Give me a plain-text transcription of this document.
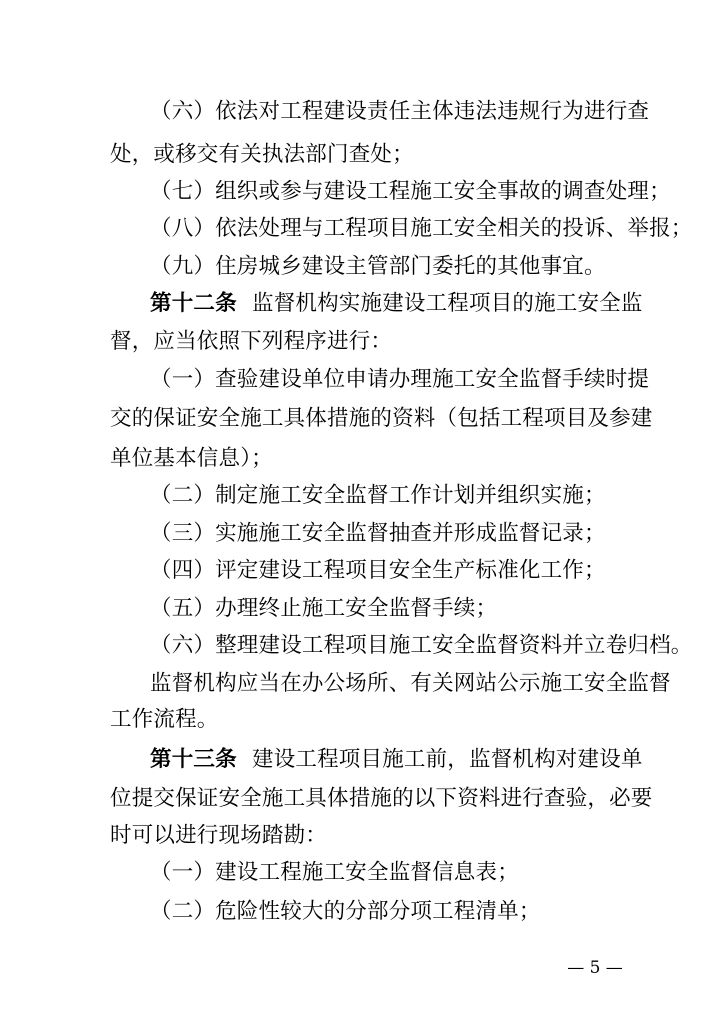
（六）依法对工程建设责任主体违法违规行为进行查
处，或移交有关执法部门查处；
（七）组织或参与建设工程施工安全事故的调查处理；
（八）依法处理与工程项目施工安全相关的投诉、举报；
（九）住房城乡建设主管部门委托的其他事宜。
第十二条 监督机构实施建设工程项目的施工安全监
督，应当依照下列程序进行：
（一）查验建设单位申请办理施工安全监督手续时提
交的保证安全施工具体措施的资料（包括工程项目及参建
单位基本信息）；
（二）制定施工安全监督工作计划并组织实施；
（三）实施施工安全监督抽查并形成监督记录；
（四）评定建设工程项目安全生产标准化工作；
（五）办理终止施工安全监督手续；
（六）整理建设工程项目施工安全监督资料并立卷归档。
监督机构应当在办公场所、有关网站公示施工安全监督
工作流程。
第十三条 建设工程项目施工前，监督机构对建设单
位提交保证安全施工具体措施的以下资料进行查验，必要
时可以进行现场踏勘：
（一）建设工程施工安全监督信息表；
（二）危险性较大的分部分项工程清单；
— 5 —
